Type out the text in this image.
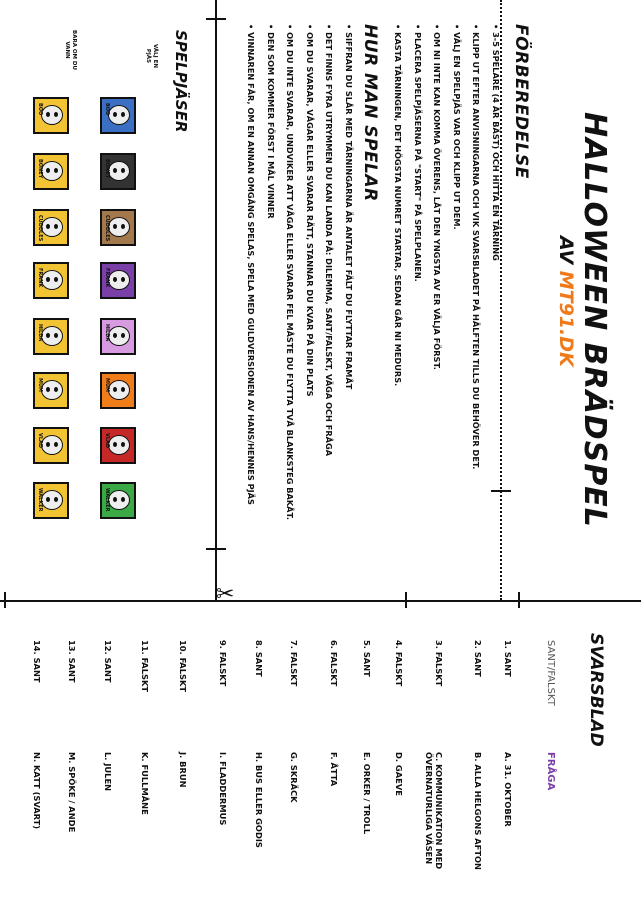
✂
HALLOWEEN BRÄDSPEL
AV MT91.DK
FÖRBEREDELSE
• 3-5 SPELARE (4 ÄR BÄST) OCH HITTA EN TÄRNING
• KLIPP UT EFTER ANVISNINGARNA OCH VIK SVARSBLADET PÅ HÄLFTEN TILLS DU BEHÖVER DET.
• VÄLJ EN SPELPJÄS VAR OCH KLIPP UT DEM.
• OM NI INTE KAN KOMMA ÖVERENS, LÅT DEN YNGSTA AV ER VÄLJA FÖRST.
• PLACERA SPELPJÄSERNA PÅ "START" PÅ SPELPLANEN.
• KASTA TÄRNINGEN, DET HÖGSTA NUMRET STARTAR, SEDAN GÅR NI MEDURS.
HUR MAN SPELAR
• SIFFRAN DU SLÅR MED TÄRNINGARNA ÄR ANTALET FÄLT DU FLYTTAR FRAMÅT
• DET FINNS FYRA UTRYMMEN DU KAN LANDA PÅ: DILEMMA, SANT/FALSKT, VÄGA OCH FRÅGA
• OM DU SVARAR, VÅGAR ELLER SVARAR RÄTT, STANNAR DU KVAR PÅ DIN PLATS
• OM DU INTE SVARAR, UNDVIKER ATT VÅGA ELLER SVARAR FEL MÅSTE DU FLYTTA TVÅ BLANKSTEG BAKÅT.
• DEN SOM KOMMER FÖRST I MÅL VINNER
• VINNAREN FÅR, OM EN ANNAN OMGÅNG SPELAS, SPELA MED GULDVERSIONEN AV HANS/HENNES PJÄS
SPELPJÄSER
VÄLJ EN PJÄS
BARA OM DU VANN
BOO
BOO
BONEY
BONEY
CUDDLES
CUDDLES
FRANK
FRANK
HILDA
HILDA
MUM
MUM
VLAD
VLAD
WALKER
WALKER
SVARSBLAD
SANT/FALSKT
FRÅGA
1. SANT
2. SANT
3. FALSKT
4. FALSKT
5. SANT
6. FALSKT
7. FALSKT
8. SANT
9. FALSKT
10. FALSKT
11. FALSKT
12. SANT
13. SANT
14. SANT
A. 31. OKTOBER
B. ALLA HELGONS AFTON
C. KOMMUNIKATION MED ÖVERNATURLIGA VÄSEN
D. GAEVE
E. ORKER / TROLL
F. ÅTTA
G. SKRÄCK
H. BUS ELLER GODIS
I. FLADDERMUS
J. BRUN
K. FULLMÅNE
L. JULEN
M. SPÖKE / ANDE
N. KATT (SVART)
